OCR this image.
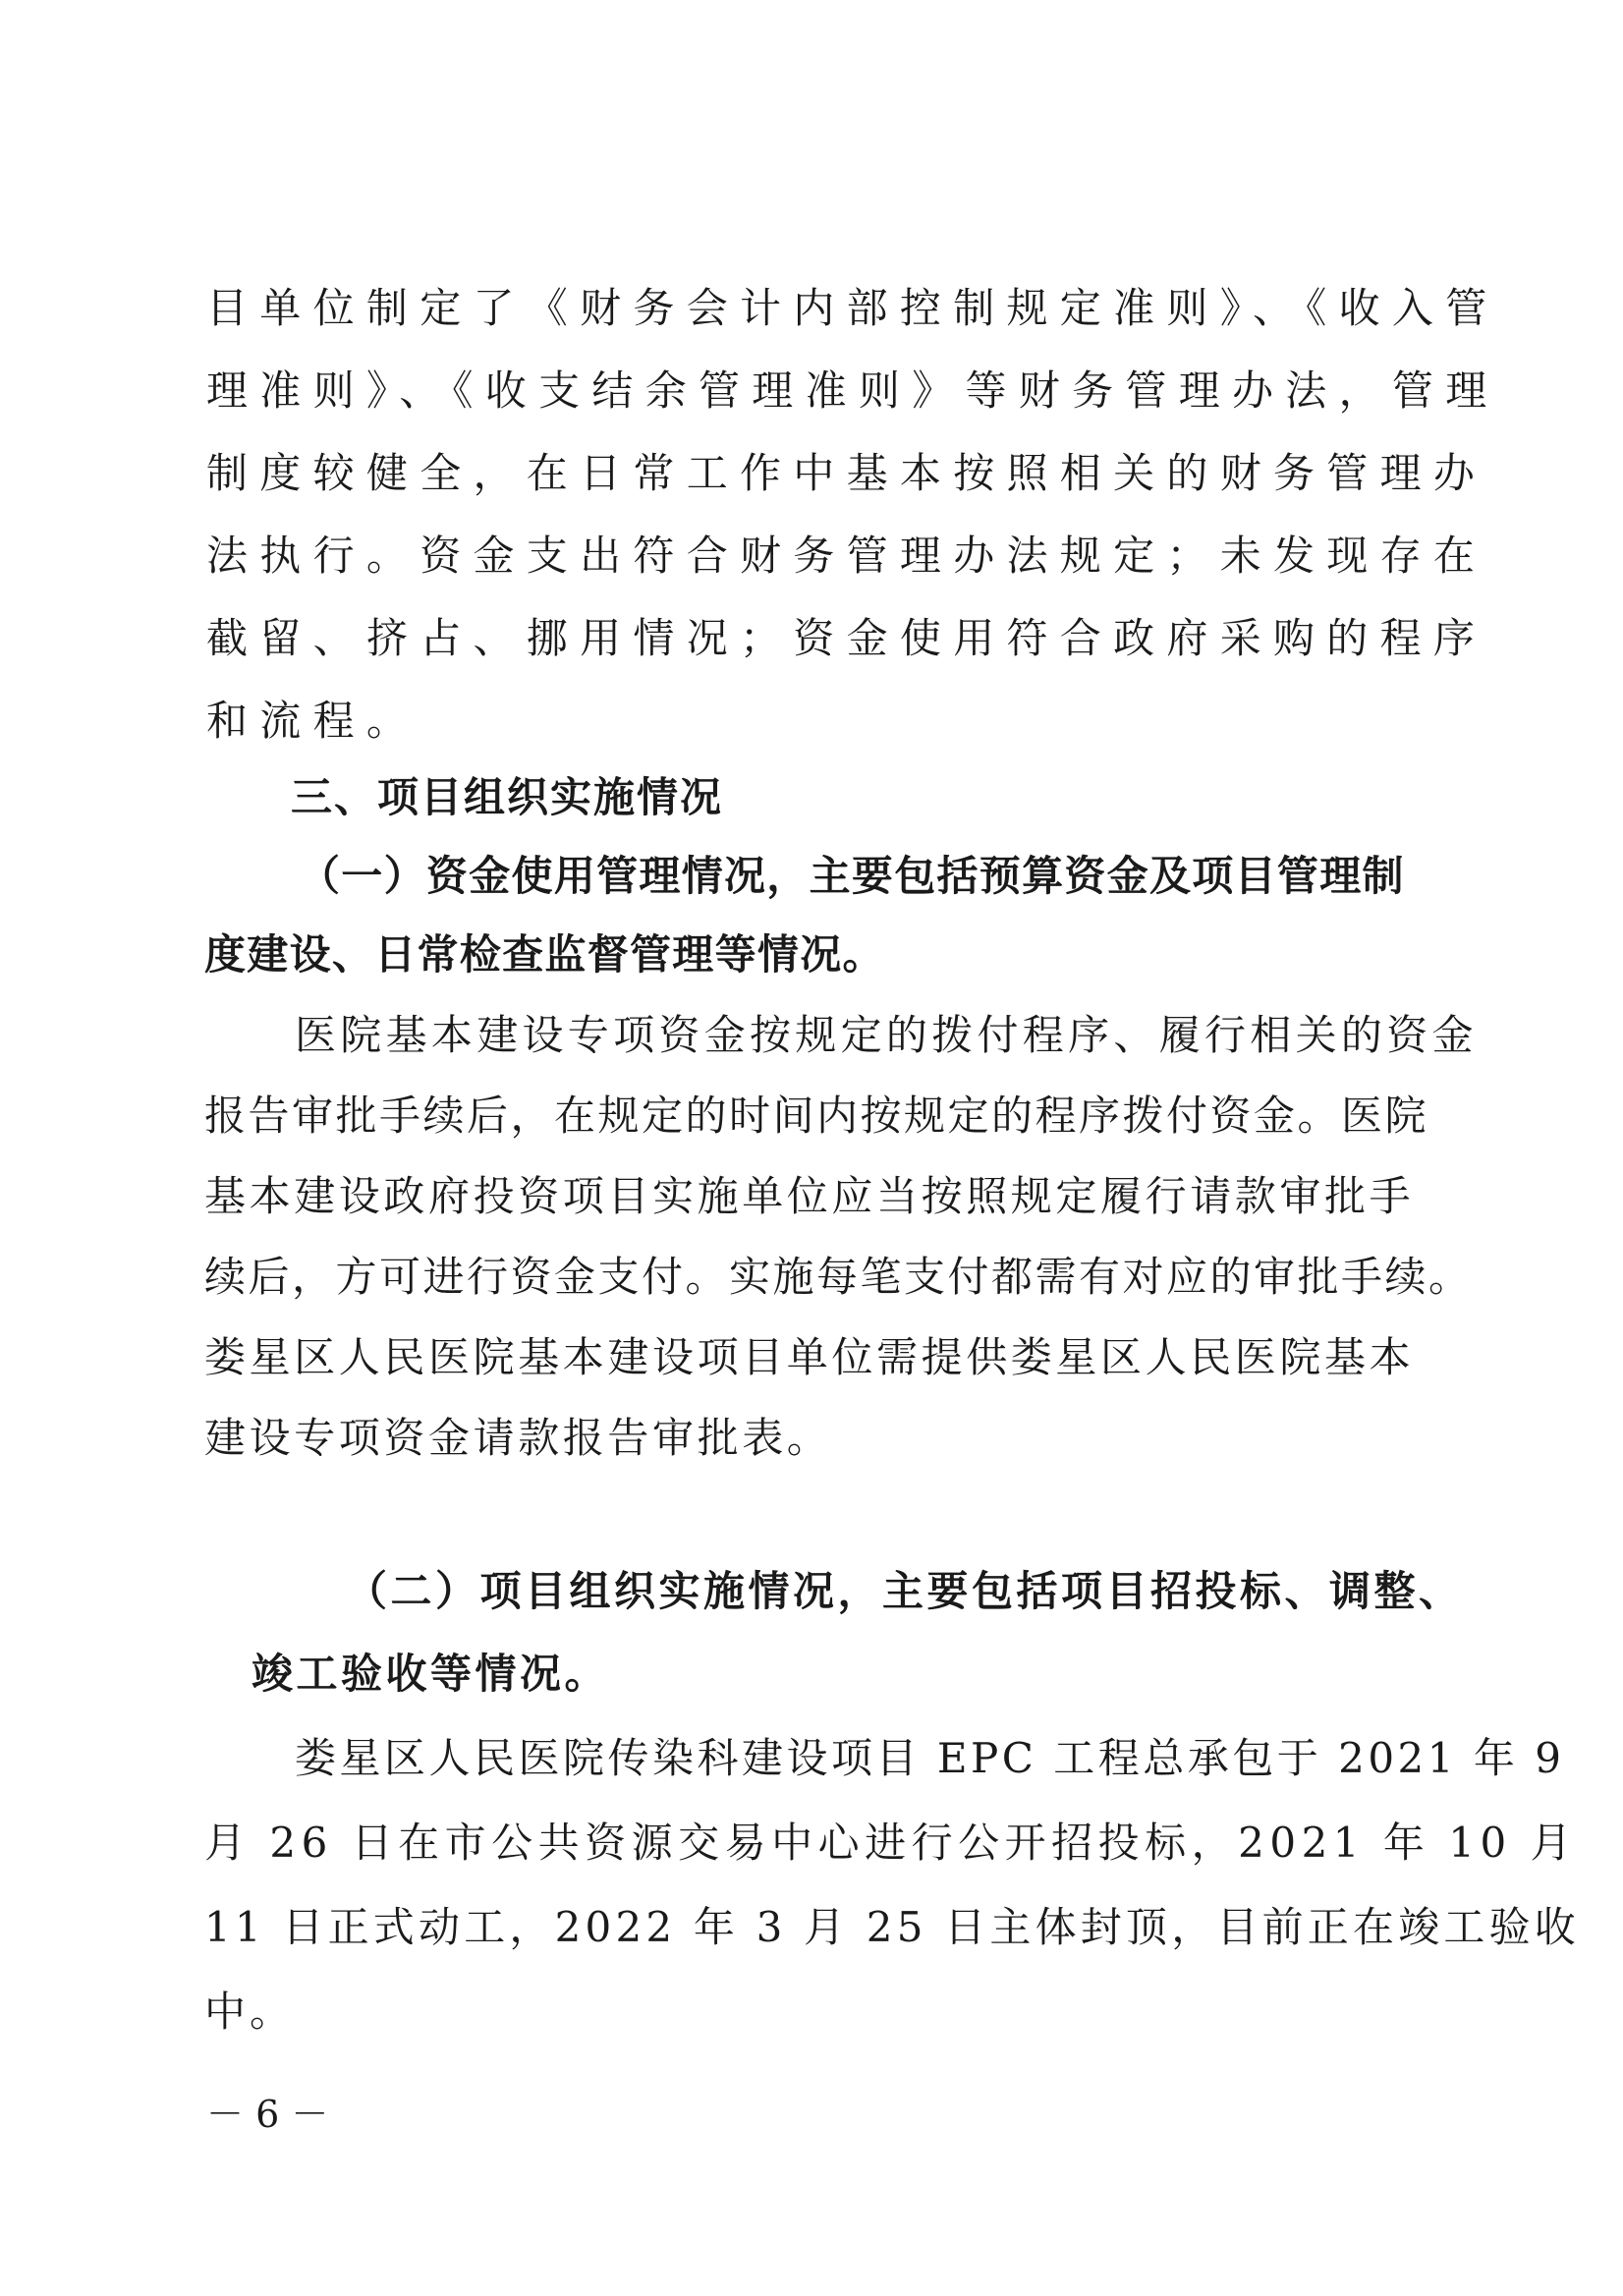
目单位制定了《财务会计内部控制规定准则》、《收入管
理准则》、《收支结余管理准则》等财务管理办法，管理
制度较健全，在日常工作中基本按照相关的财务管理办
法执行。资金支出符合财务管理办法规定；未发现存在
截留、挤占、挪用情况；资金使用符合政府采购的程序
和流程。
三、项目组织实施情况
（一）资金使用管理情况，主要包括预算资金及项目管理制
度建设、日常检查监督管理等情况。
医院基本建设专项资金按规定的拨付程序、履行相关的资金
报告审批手续后，在规定的时间内按规定的程序拨付资金。医院
基本建设政府投资项目实施单位应当按照规定履行请款审批手
续后，方可进行资金支付。实施每笔支付都需有对应的审批手续。
娄星区人民医院基本建设项目单位需提供娄星区人民医院基本
建设专项资金请款报告审批表。
（二）项目组织实施情况，主要包括项目招投标、调整、
竣工验收等情况。
娄星区人民医院传染科建设项目 EPC 工程总承包于 2021 年 9
月 26 日在市公共资源交易中心进行公开招投标，2021 年 10 月
11 日正式动工，2022 年 3 月 25 日主体封顶，目前正在竣工验收
中。
－ 6 －
